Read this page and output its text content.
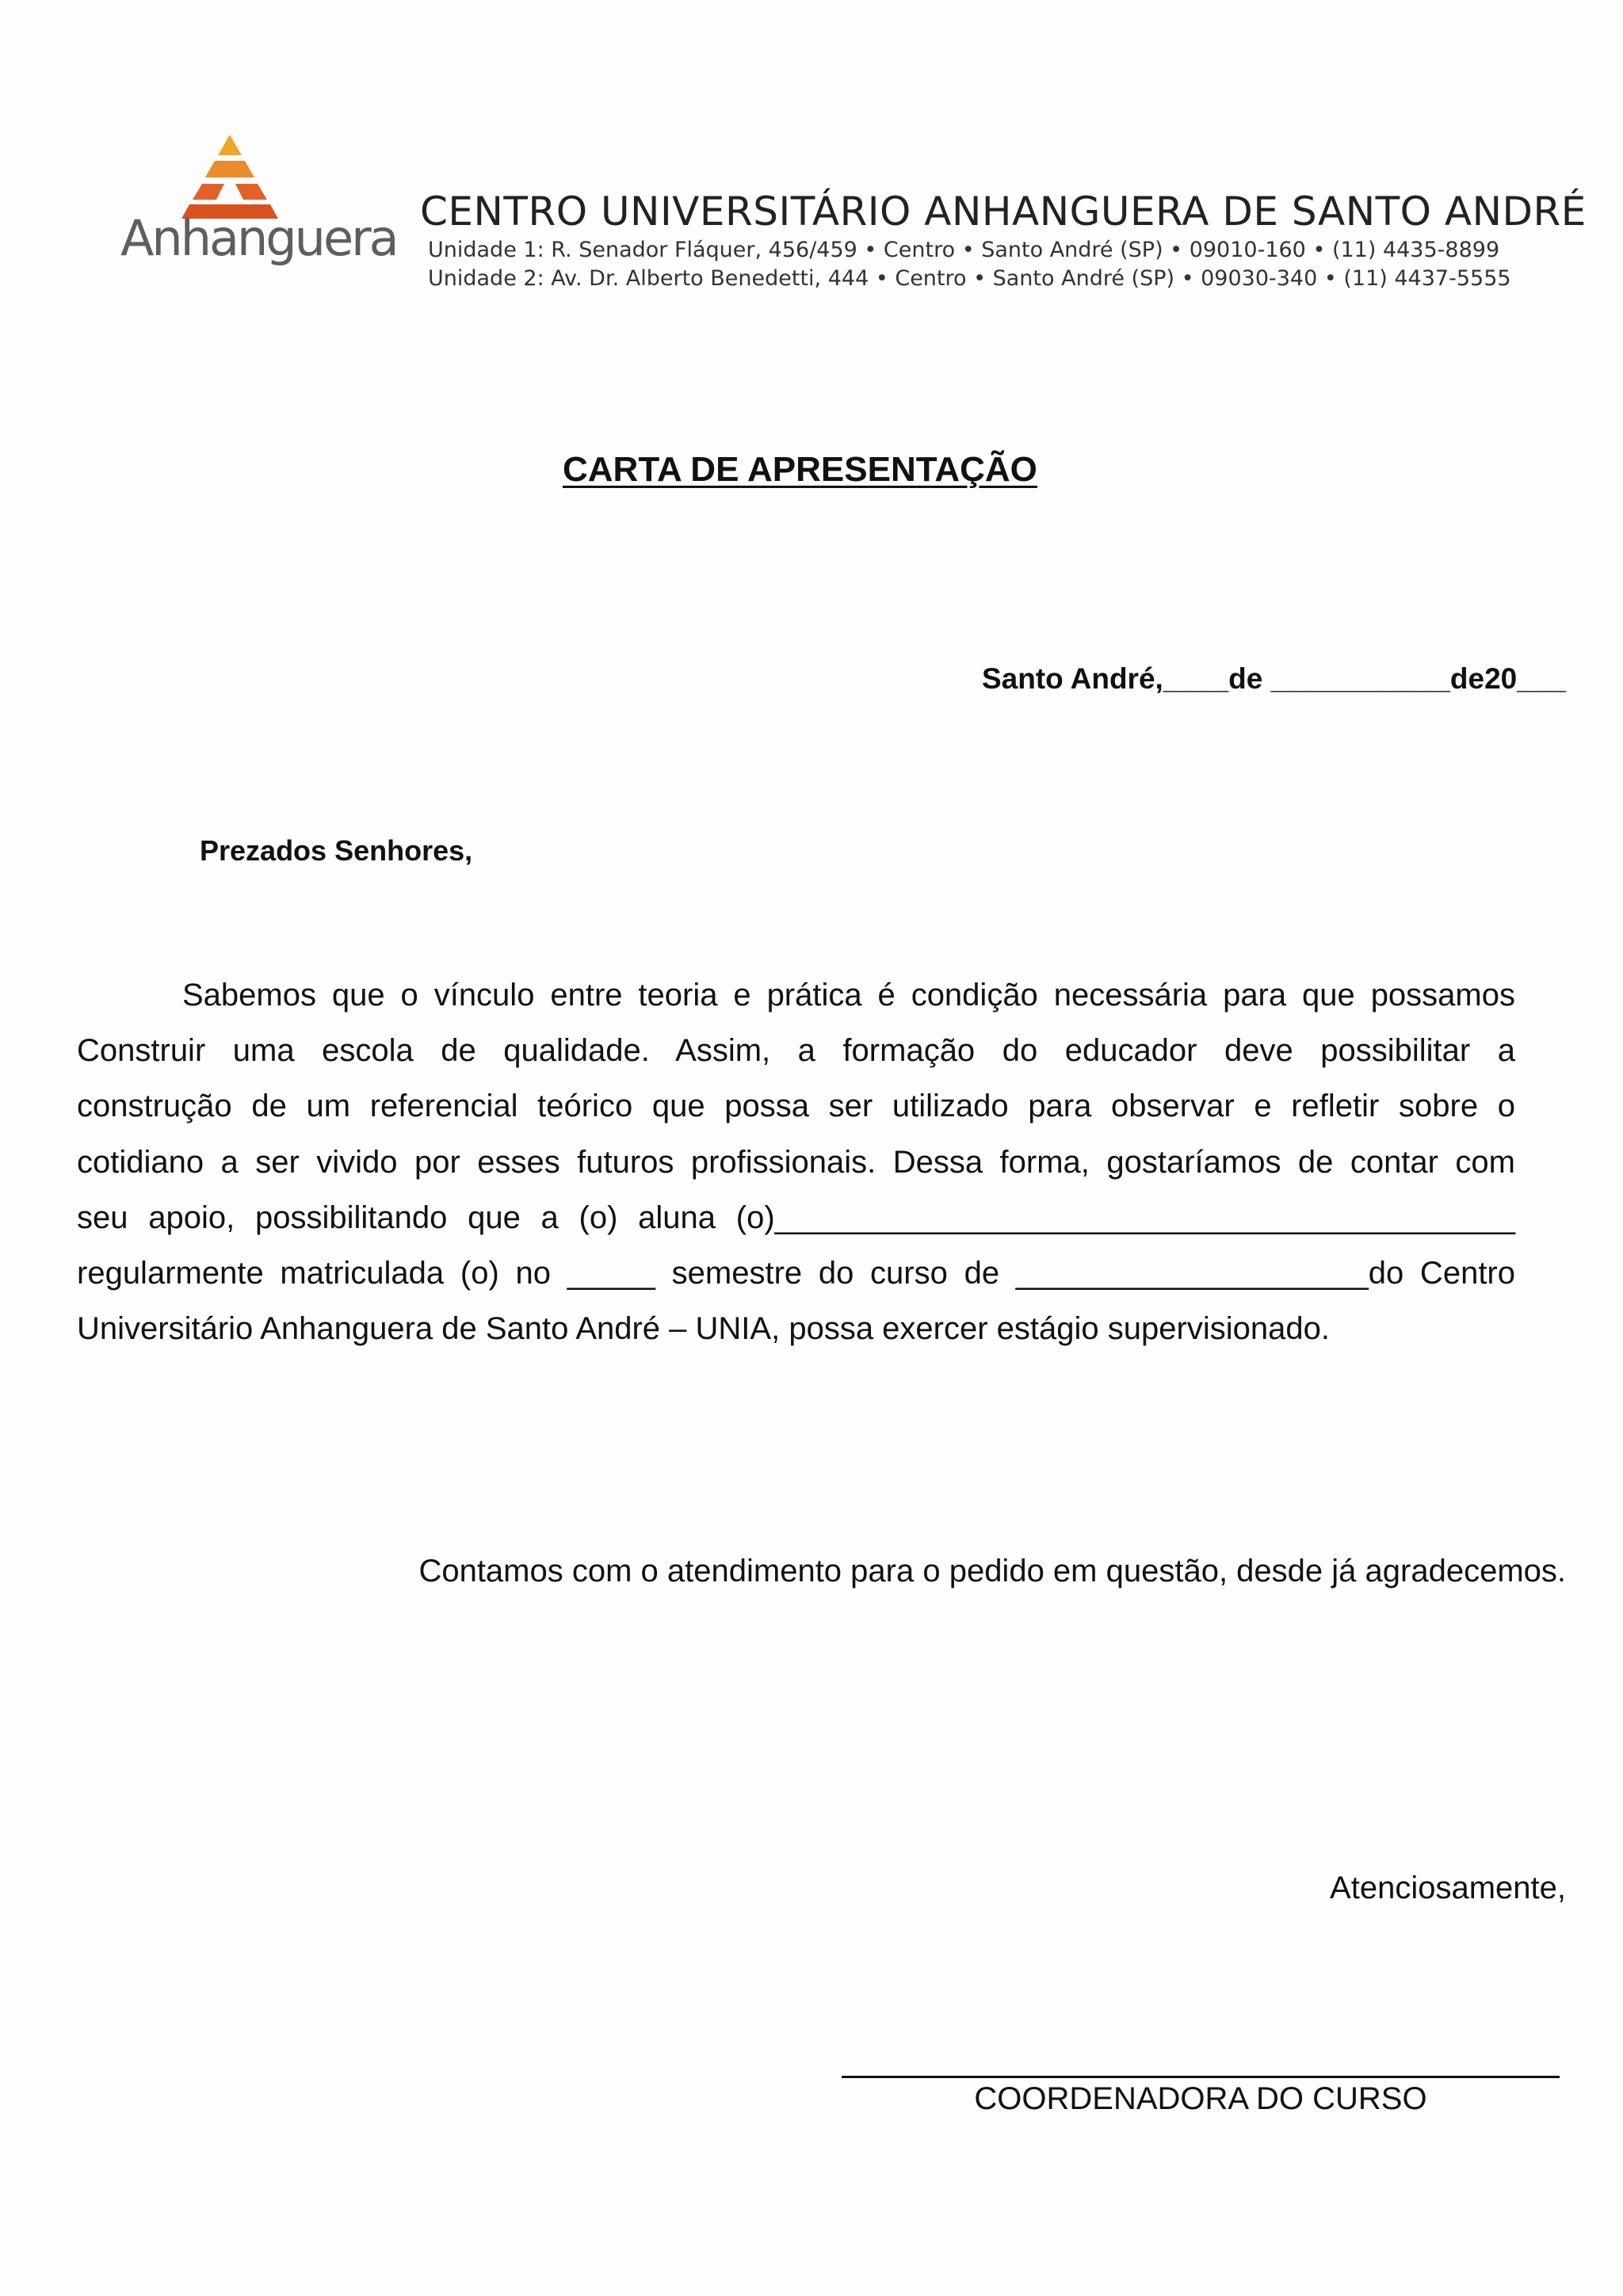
Anhanguera CENTRO UNIVERSITÁRIO ANHANGUERA DE SANTO ANDRÉ
Unidade 1: R. Senador Fláquer, 456/459 • Centro • Santo André (SP) • 09010-160 • (11) 4435-8899
Unidade 2: Av. Dr. Alberto Benedetti, 444 • Centro • Santo André (SP) • 09030-340 • (11) 4437-5555
CARTA DE APRESENTAÇÃO
Santo André,____de ___________de20___
Prezados Senhores,
Sabemos que o vínculo entre teoria e prática é condição necessária para que possamos
Construir uma escola de qualidade. Assim, a formação do educador deve possibilitar a
construção de um referencial teórico que possa ser utilizado para observar e refletir sobre o
cotidiano a ser vivido por esses futuros profissionais. Dessa forma, gostaríamos de contar com
seu apoio, possibilitando que a (o) aluna (o)__________________________________________
regularmente matriculada (o) no _____ semestre do curso de ____________________do Centro
Universitário Anhanguera de Santo André – UNIA, possa exercer estágio supervisionado.
Contamos com o atendimento para o pedido em questão, desde já agradecemos.
Atenciosamente,
COORDENADORA DO CURSO
